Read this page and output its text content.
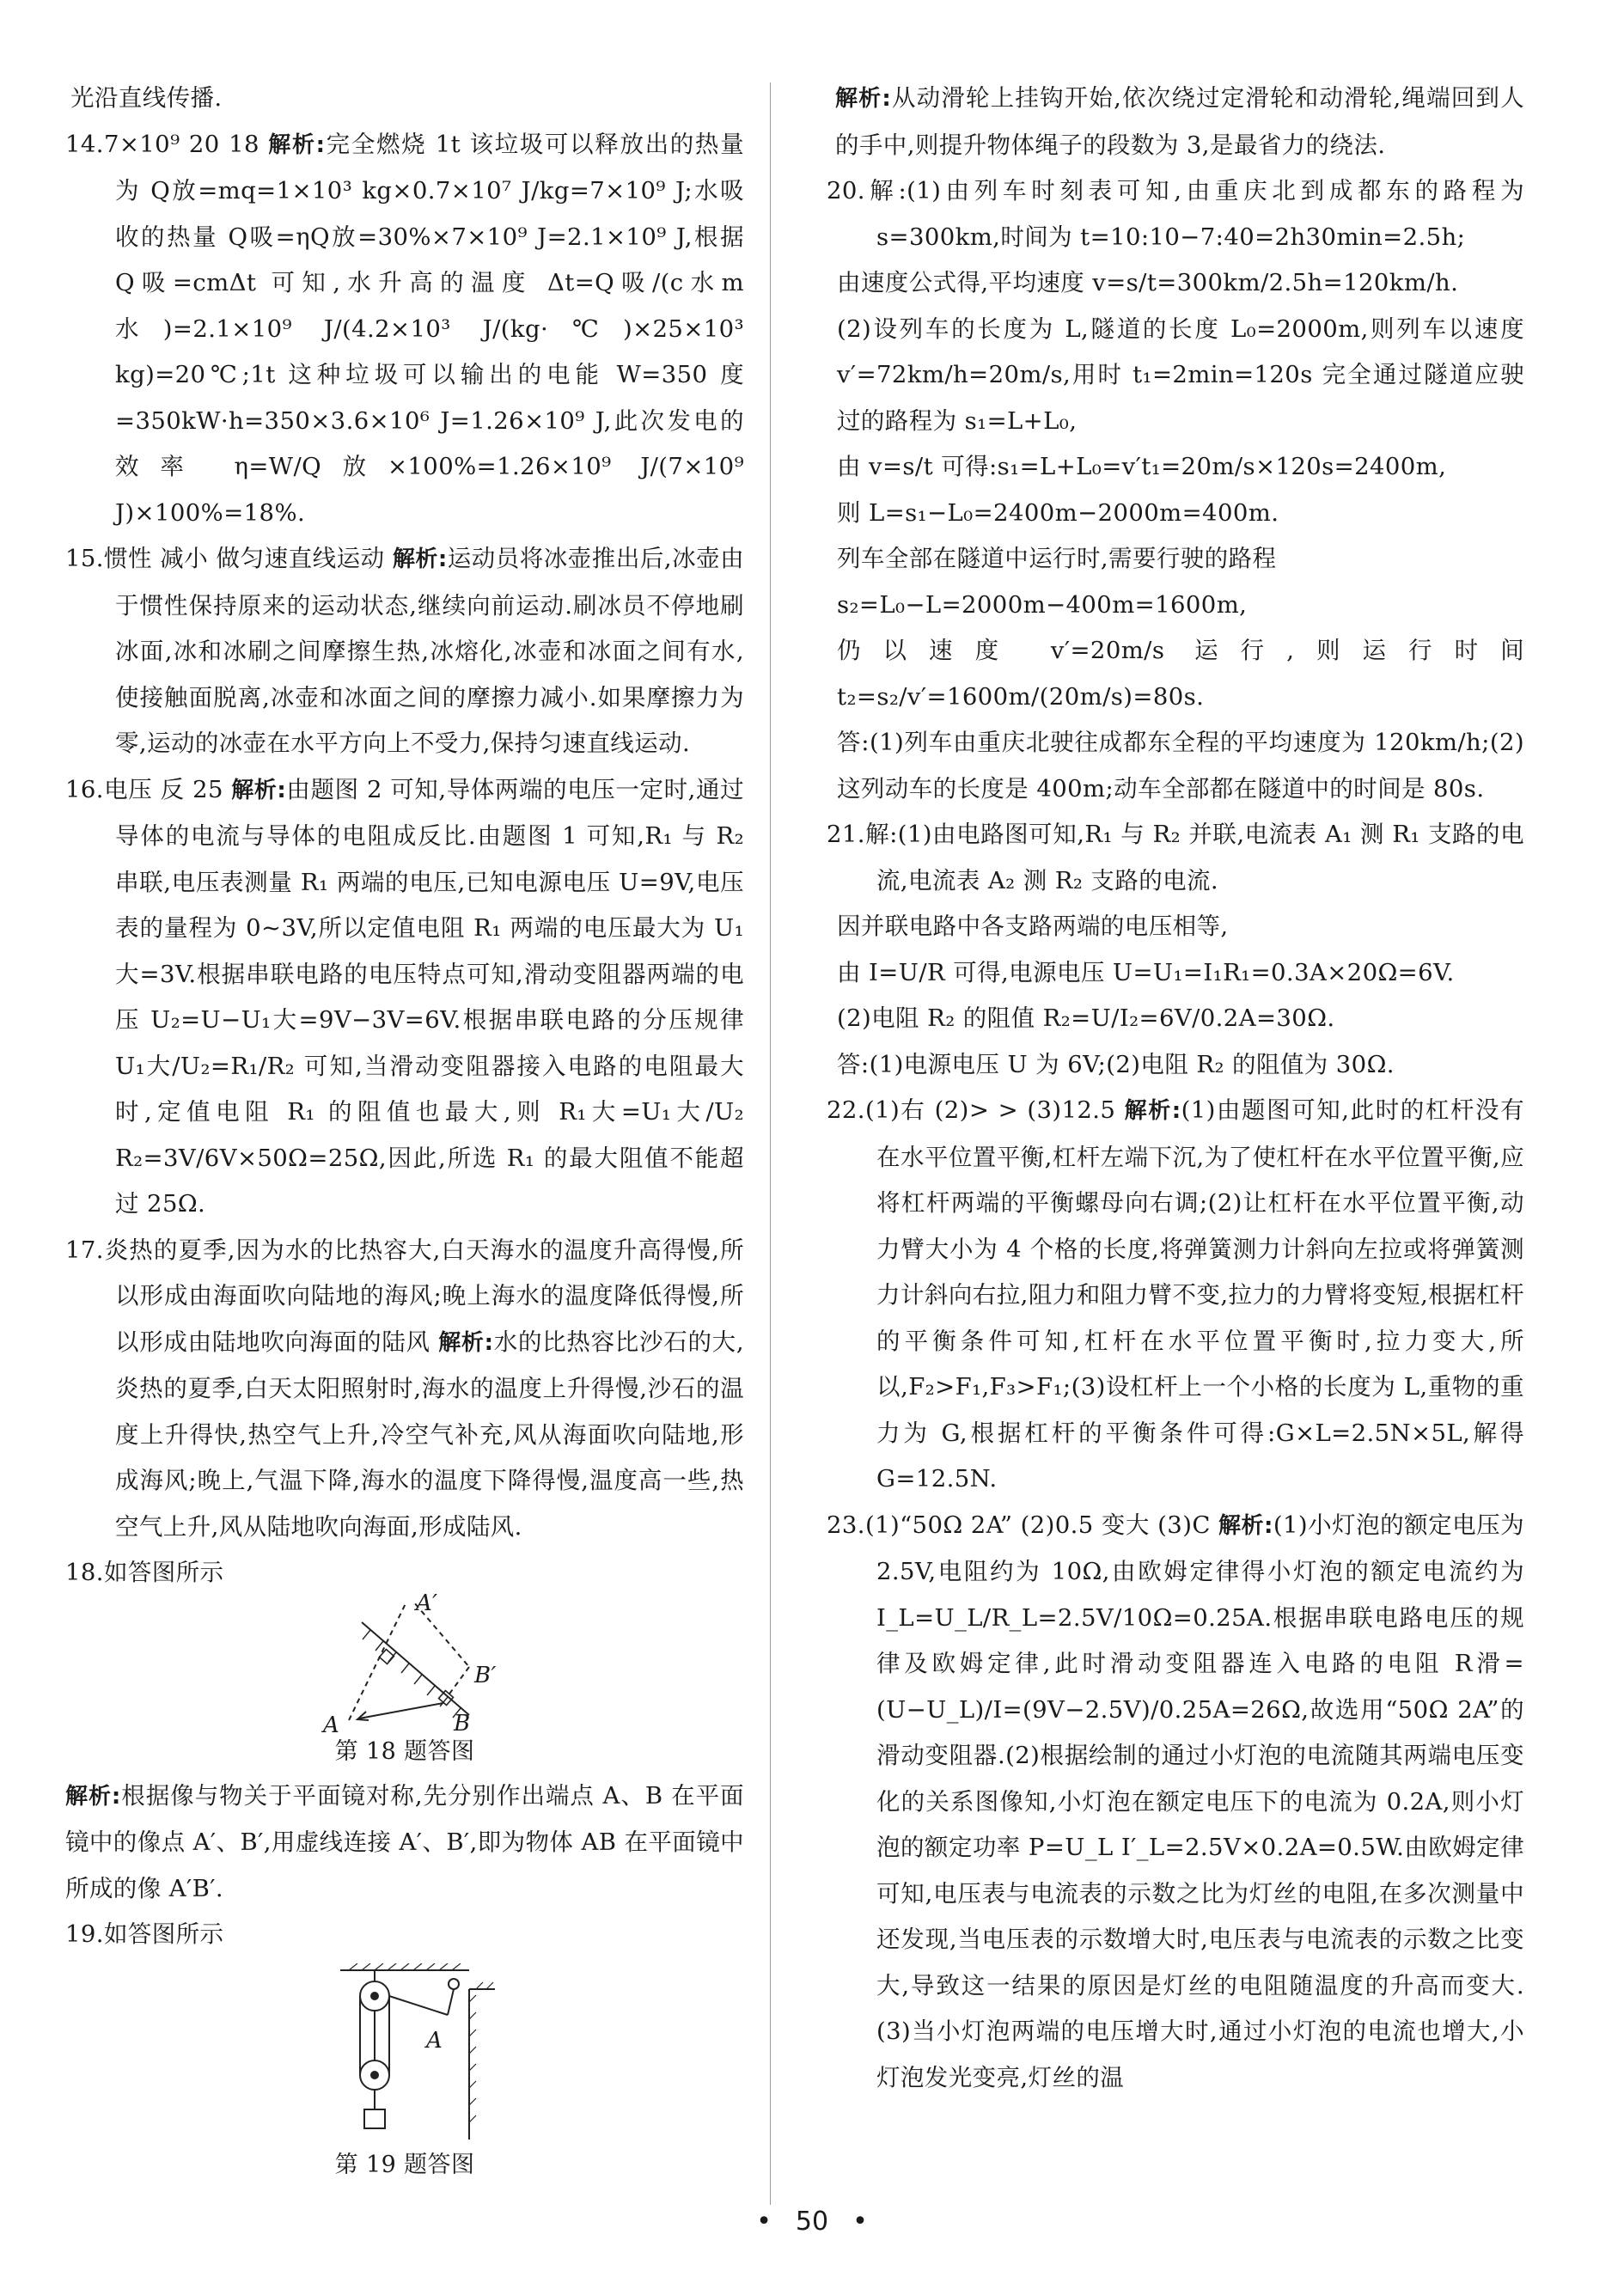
光沿直线传播.

14.7×10⁹ 20 18 解析:完全燃烧 1t 该垃圾可以释放出的热量为 Q放=mq=1×10³ kg×0.7×10⁷ J/kg=7×10⁹ J;水吸收的热量 Q吸=ηQ放=30%×7×10⁹ J=2.1×10⁹ J,根据 Q吸=cmΔt 可知,水升高的温度 Δt=Q吸/(c水m水)=2.1×10⁹ J/(4.2×10³ J/(kg·℃)×25×10³ kg)=20℃;1t 这种垃圾可以输出的电能 W=350 度=350kW·h=350×3.6×10⁶ J=1.26×10⁹ J,此次发电的效率 η=W/Q放×100%=1.26×10⁹ J/(7×10⁹ J)×100%=18%.

15.惯性 减小 做匀速直线运动 解析:运动员将冰壶推出后,冰壶由于惯性保持原来的运动状态,继续向前运动.刷冰员不停地刷冰面,冰和冰刷之间摩擦生热,冰熔化,冰壶和冰面之间有水,使接触面脱离,冰壶和冰面之间的摩擦力减小.如果摩擦力为零,运动的冰壶在水平方向上不受力,保持匀速直线运动.

16.电压 反 25 解析:由题图 2 可知,导体两端的电压一定时,通过导体的电流与导体的电阻成反比.由题图 1 可知,R₁ 与 R₂ 串联,电压表测量 R₁ 两端的电压,已知电源电压 U=9V,电压表的量程为 0~3V,所以定值电阻 R₁ 两端的电压最大为 U₁大=3V.根据串联电路的电压特点可知,滑动变阻器两端的电压 U₂=U−U₁大=9V−3V=6V.根据串联电路的分压规律 U₁大/U₂=R₁/R₂ 可知,当滑动变阻器接入电路的电阻最大时,定值电阻 R₁ 的阻值也最大,则 R₁大=U₁大/U₂ R₂=3V/6V×50Ω=25Ω,因此,所选 R₁ 的最大阻值不能超过 25Ω.

17.炎热的夏季,因为水的比热容大,白天海水的温度升高得慢,所以形成由海面吹向陆地的海风;晚上海水的温度降低得慢,所以形成由陆地吹向海面的陆风 解析:水的比热容比沙石的大,炎热的夏季,白天太阳照射时,海水的温度上升得慢,沙石的温度上升得快,热空气上升,冷空气补充,风从海面吹向陆地,形成海风;晚上,气温下降,海水的温度下降得慢,温度高一些,热空气上升,风从陆地吹向海面,形成陆风.

18.如答图所示

A′
B′
A	B
第 18 题答图

解析:根据像与物关于平面镜对称,先分别作出端点 A、B 在平面镜中的像点 A′、B′,用虚线连接 A′、B′,即为物体 AB 在平面镜中所成的像 A′B′.

19.如答图所示

A
第 19 题答图

解析:从动滑轮上挂钩开始,依次绕过定滑轮和动滑轮,绳端回到人的手中,则提升物体绳子的段数为 3,是最省力的绕法.

20.解:(1)由列车时刻表可知,由重庆北到成都东的路程为 s=300km,时间为 t=10:10−7:40=2h30min=2.5h;

由速度公式得,平均速度 v=s/t=300km/2.5h=120km/h.

(2)设列车的长度为 L,隧道的长度 L₀=2000m,则列车以速度 v′=72km/h=20m/s,用时 t₁=2min=120s 完全通过隧道应驶过的路程为 s₁=L+L₀,

由 v=s/t 可得:s₁=L+L₀=v′t₁=20m/s×120s=2400m,

则 L=s₁−L₀=2400m−2000m=400m.

列车全部在隧道中运行时,需要行驶的路程

s₂=L₀−L=2000m−400m=1600m,

仍以速度 v′=20m/s 运行,则运行时间 t₂=s₂/v′=1600m/(20m/s)=80s.

答:(1)列车由重庆北驶往成都东全程的平均速度为 120km/h;(2)这列动车的长度是 400m;动车全部都在隧道中的时间是 80s.

21.解:(1)由电路图可知,R₁ 与 R₂ 并联,电流表 A₁ 测 R₁ 支路的电流,电流表 A₂ 测 R₂ 支路的电流.

因并联电路中各支路两端的电压相等,

由 I=U/R 可得,电源电压 U=U₁=I₁R₁=0.3A×20Ω=6V.

(2)电阻 R₂ 的阻值 R₂=U/I₂=6V/0.2A=30Ω.

答:(1)电源电压 U 为 6V;(2)电阻 R₂ 的阻值为 30Ω.

22.(1)右 (2)> > (3)12.5 解析:(1)由题图可知,此时的杠杆没有在水平位置平衡,杠杆左端下沉,为了使杠杆在水平位置平衡,应将杠杆两端的平衡螺母向右调;(2)让杠杆在水平位置平衡,动力臂大小为 4 个格的长度,将弹簧测力计斜向左拉或将弹簧测力计斜向右拉,阻力和阻力臂不变,拉力的力臂将变短,根据杠杆的平衡条件可知,杠杆在水平位置平衡时,拉力变大,所以,F₂>F₁,F₃>F₁;(3)设杠杆上一个小格的长度为 L,重物的重力为 G,根据杠杆的平衡条件可得:G×L=2.5N×5L,解得 G=12.5N.

23.(1)“50Ω 2A” (2)0.5 变大 (3)C 解析:(1)小灯泡的额定电压为 2.5V,电阻约为 10Ω,由欧姆定律得小灯泡的额定电流约为 I_L=U_L/R_L=2.5V/10Ω=0.25A.根据串联电路电压的规律及欧姆定律,此时滑动变阻器连入电路的电阻 R滑=(U−U_L)/I=(9V−2.5V)/0.25A=26Ω,故选用“50Ω 2A”的滑动变阻器.(2)根据绘制的通过小灯泡的电流随其两端电压变化的关系图像知,小灯泡在额定电压下的电流为 0.2A,则小灯泡的额定功率 P=U_L I′_L=2.5V×0.2A=0.5W.由欧姆定律可知,电压表与电流表的示数之比为灯丝的电阻,在多次测量中还发现,当电压表的示数增大时,电压表与电流表的示数之比变大,导致这一结果的原因是灯丝的电阻随温度的升高而变大.(3)当小灯泡两端的电压增大时,通过小灯泡的电流也增大,小灯泡发光变亮,灯丝的温

• 50 •
